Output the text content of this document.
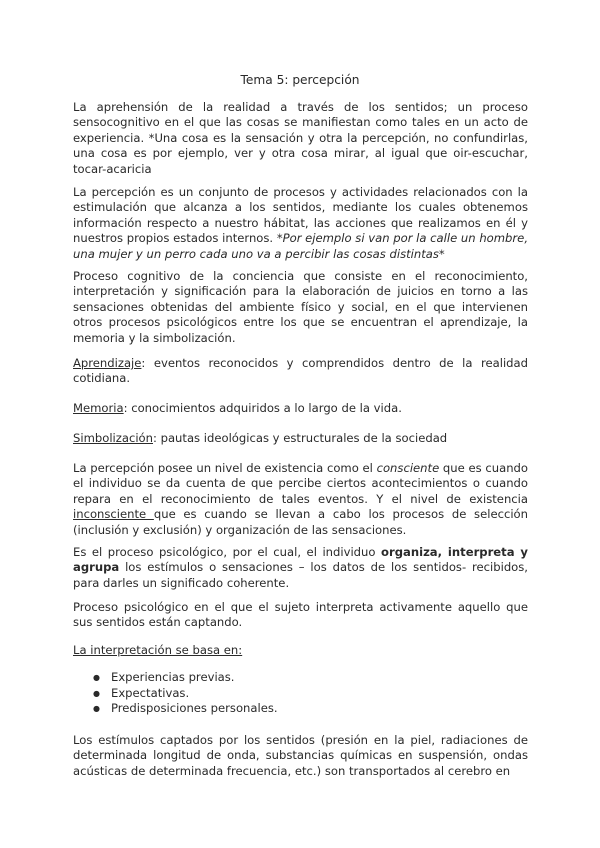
Tema 5: percepción

La aprehensión de la realidad a través de los sentidos; un proceso sensocognitivo en el que las cosas se manifiestan como tales en un acto de experiencia. *Una cosa es la sensación y otra la percepción, no confundirlas, una cosa es por ejemplo, ver y otra cosa mirar, al igual que oir-escuchar, tocar-acaricia

La percepción es un conjunto de procesos y actividades relacionados con la estimulación que alcanza a los sentidos, mediante los cuales obtenemos información respecto a nuestro hábitat, las acciones que realizamos en él y nuestros propios estados internos. *Por ejemplo si van por la calle un hombre, una mujer y un perro cada uno va a percibir las cosas distintas*

Proceso cognitivo de la conciencia que consiste en el reconocimiento, interpretación y significación para la elaboración de juicios en torno a las sensaciones obtenidas del ambiente físico y social, en el que intervienen otros procesos psicológicos entre los que se encuentran el aprendizaje, la memoria y la simbolización.

Aprendizaje: eventos reconocidos y comprendidos dentro de la realidad cotidiana.

Memoria: conocimientos adquiridos a lo largo de la vida.

Simbolización: pautas ideológicas y estructurales de la sociedad

La percepción posee un nivel de existencia como el consciente que es cuando el individuo se da cuenta de que percibe ciertos acontecimientos o cuando repara en el reconocimiento de tales eventos. Y el nivel de existencia inconsciente que es cuando se llevan a cabo los procesos de selección (inclusión y exclusión) y organización de las sensaciones.

Es el proceso psicológico, por el cual, el individuo organiza, interpreta y agrupa los estímulos o sensaciones – los datos de los sentidos- recibidos, para darles un significado coherente.

Proceso psicológico en el que el sujeto interpreta activamente aquello que sus sentidos están captando.

La interpretación se basa en:

● Experiencias previas.
● Expectativas.
● Predisposiciones personales.

Los estímulos captados por los sentidos (presión en la piel, radiaciones de determinada longitud de onda, substancias químicas en suspensión, ondas acústicas de determinada frecuencia, etc.) son transportados al cerebro en
